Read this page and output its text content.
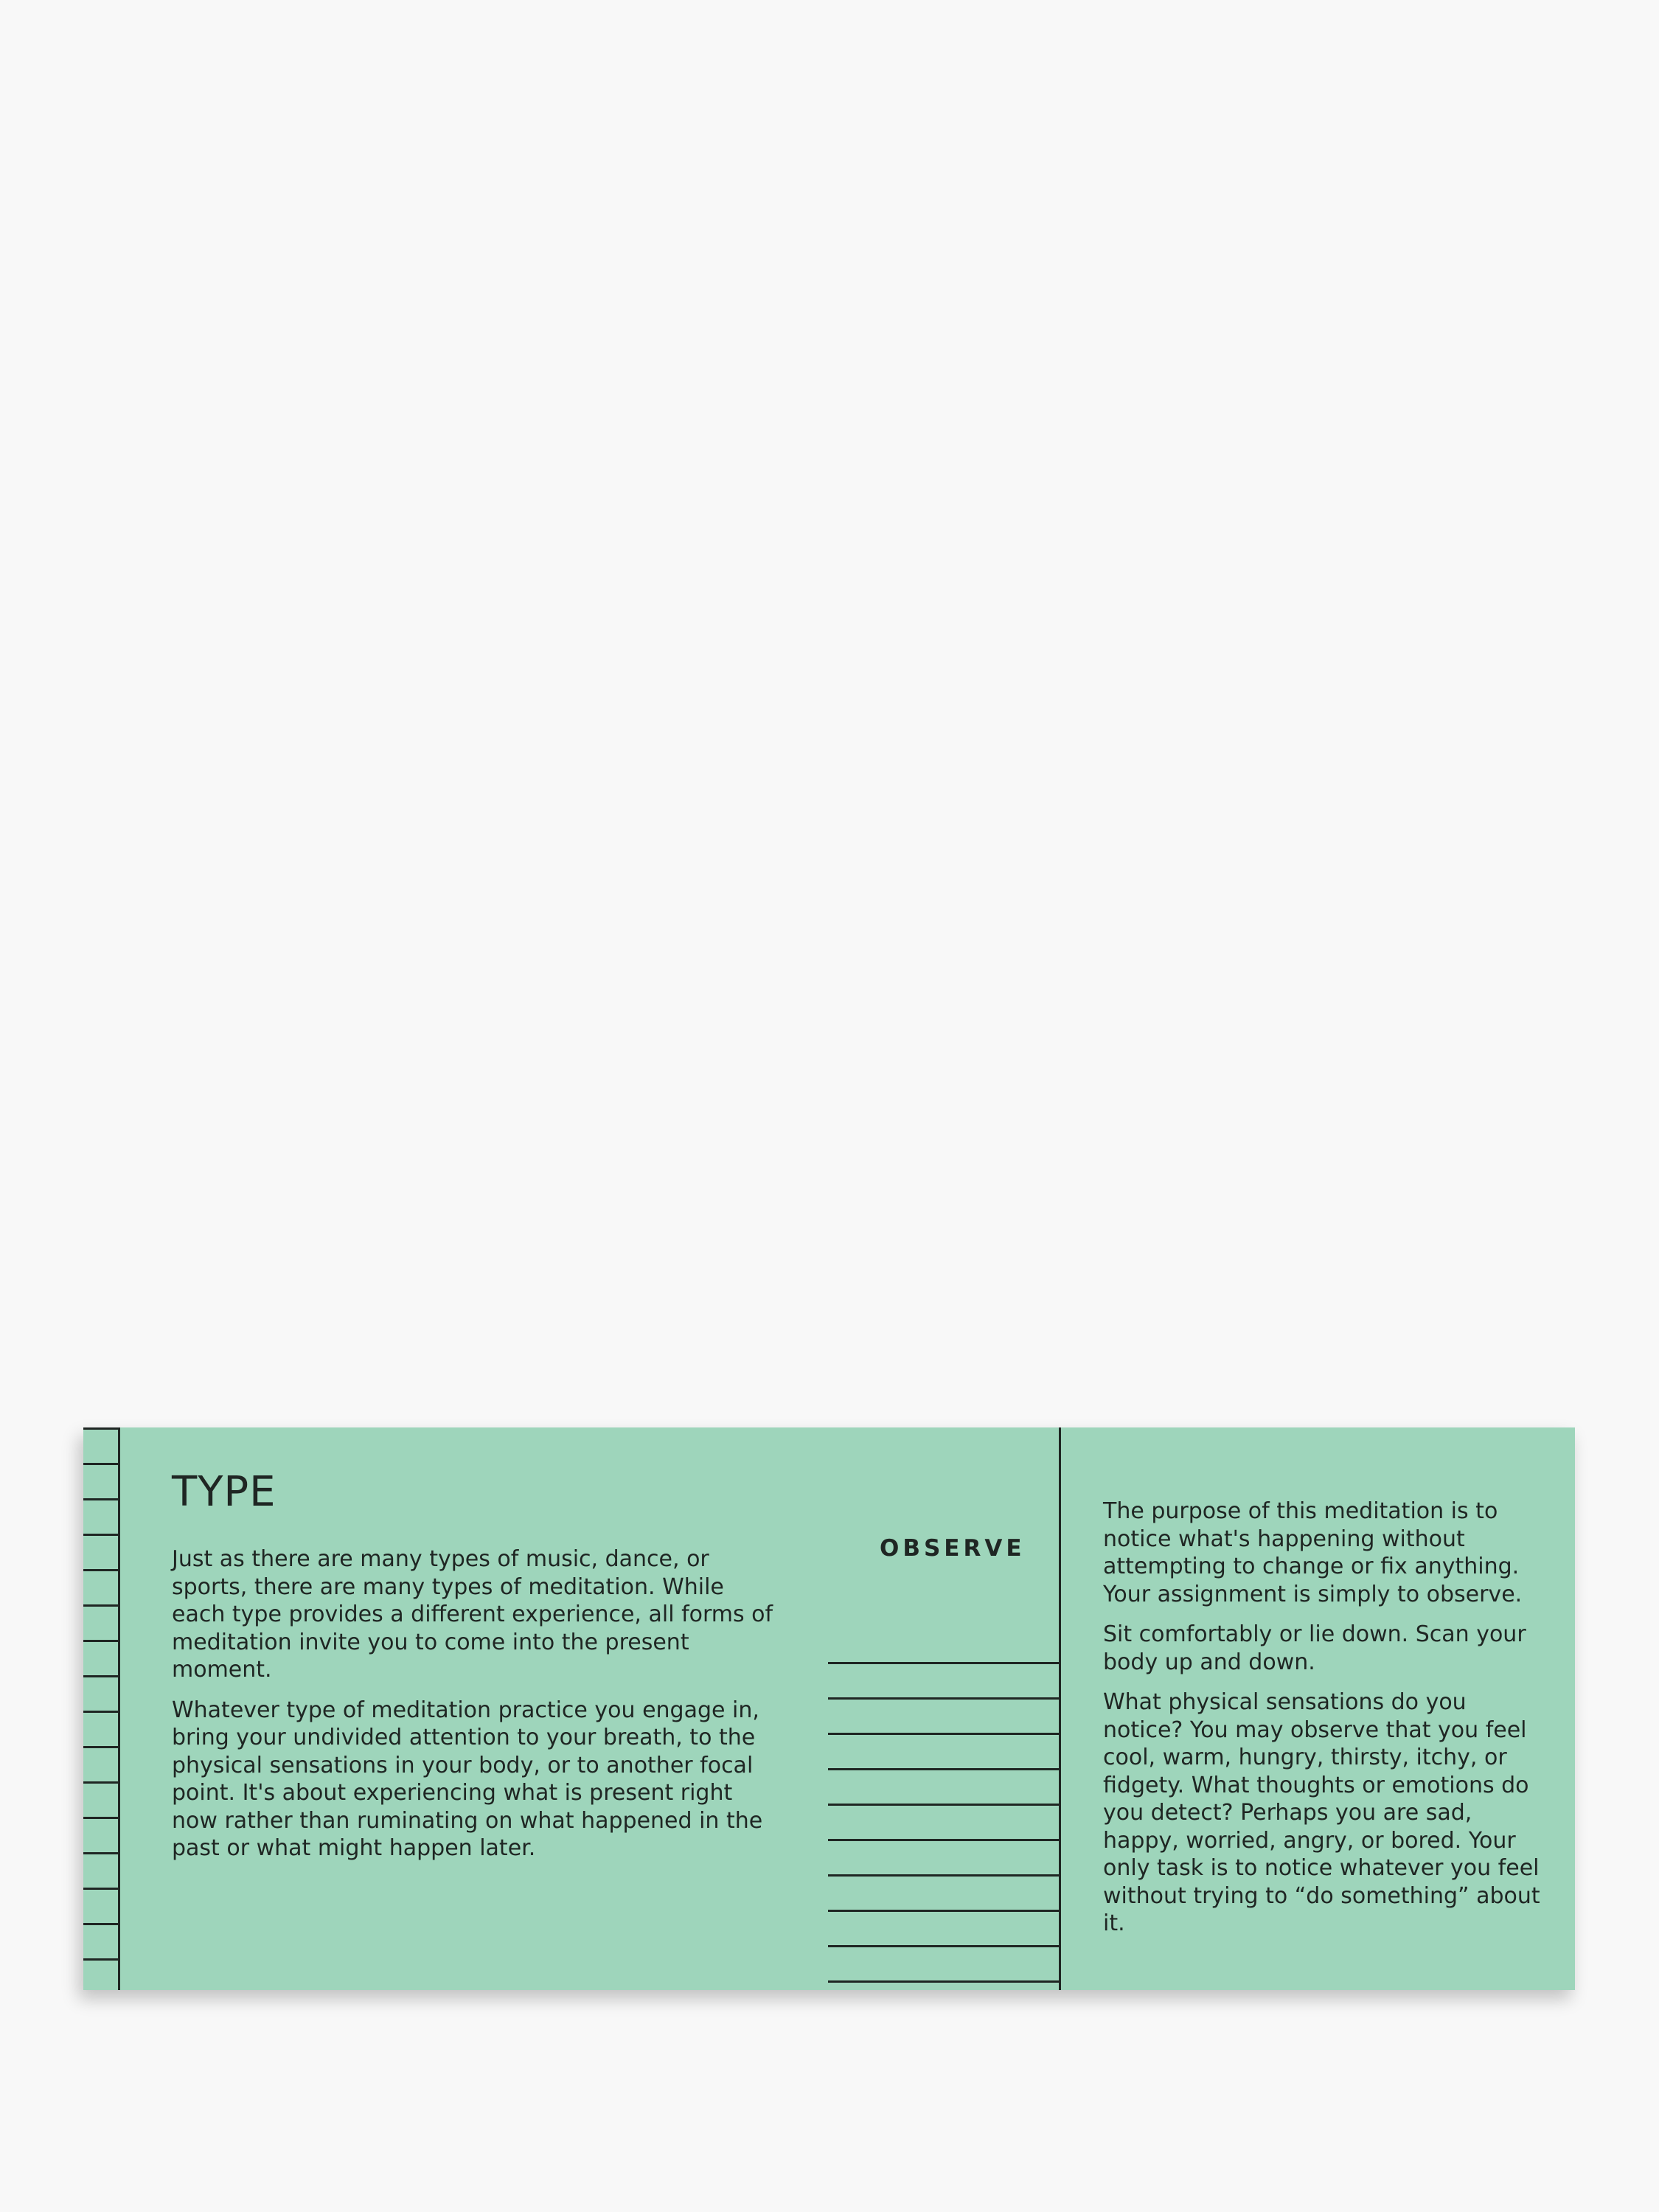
TYPE

Just as there are many types of music, dance, or sports, there are many types of meditation. While each type provides a different experience, all forms of meditation invite you to come into the present moment.

Whatever type of meditation practice you engage in, bring your undivided attention to your breath, to the physical sensations in your body, or to another focal point. It's about experiencing what is present right now rather than ruminating on what happened in the past or what might happen later.

OBSERVE

The purpose of this meditation is to notice what's happening without attempting to change or fix anything. Your assignment is simply to observe.

Sit comfortably or lie down. Scan your body up and down.

What physical sensations do you notice? You may observe that you feel cool, warm, hungry, thirsty, itchy, or fidgety. What thoughts or emotions do you detect? Perhaps you are sad, happy, worried, angry, or bored. Your only task is to notice whatever you feel without trying to “do something” about it.
